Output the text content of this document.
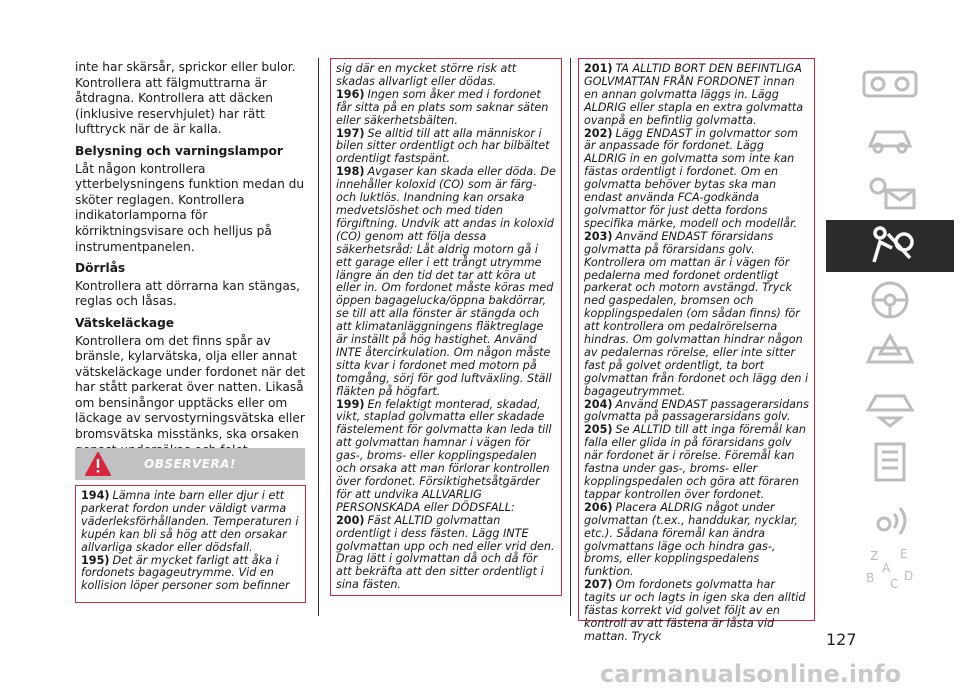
inte har skärsår, sprickor eller bulor. Kontrollera att fälgmuttrarna är åtdragna. Kontrollera att däcken (inklusive reservhjulet) har rätt lufttryck när de är kalla.

Belysning och varningslampor

Låt någon kontrollera ytterbelysningens funktion medan du sköter reglagen. Kontrollera indikatorlamporna för körriktningsvisare och helljus på instrumentpanelen.

Dörrlås

Kontrollera att dörrarna kan stängas, reglas och låsas.

Vätskeläckage

Kontrollera om det finns spår av bränsle, kylarvätska, olja eller annat vätskeläckage under fordonet när det har stått parkerat över natten. Likaså om bensinångor upptäcks eller om läckage av servostyrningsvätska eller bromsvätska misstänks, ska orsaken

OBSERVERA!

194) Lämna inte barn eller djur i ett parkerat fordon under väldigt varma väderleksförhållanden. Temperaturen i kupén kan bli så hög att den orsakar allvarliga skador eller dödsfall.

195) Det är mycket farligt att åka i fordonets bagageutrymme. Vid en kollision löper personer som befinner

sig där en mycket större risk att skadas allvarligt eller dödas.

196) Ingen som åker med i fordonet får sitta på en plats som saknar säten eller säkerhetsbälten.

197) Se alltid till att alla människor i bilen sitter ordentligt och har bilbältet ordentligt fastspänt.

198) Avgaser kan skada eller döda. De innehåller koloxid (CO) som är färg- och luktlös. Inandning kan orsaka medvetslöshet och med tiden förgiftning. Undvik att andas in koloxid (CO) genom att följa dessa säkerhetsråd: Låt aldrig motorn gå i ett garage eller i ett trångt utrymme längre än den tid det tar att köra ut eller in. Om fordonet måste köras med öppen bagagelucka/öppna bakdörrar, se till att alla fönster är stängda och att klimatanläggningens fläktreglage är inställt på hög hastighet. Använd INTE återcirkulation. Om någon måste sitta kvar i fordonet med motorn på tomgång, sörj för god luftväxling. Ställ fläkten på högfart.

199) En felaktigt monterad, skadad, vikt, staplad golvmatta eller skadade fästelement för golvmatta kan leda till att golvmattan hamnar i vägen för gas-, broms- eller kopplingspedalen och orsaka att man förlorar kontrollen över fordonet. Försiktighetsåtgärder för att undvika ALLVARLIG PERSONSKADA eller DÖDSFALL:

200) Fäst ALLTID golvmattan ordentligt i dess fästen. Lägg INTE golvmattan upp och ned eller vrid den. Drag lätt i golvmattan då och då för att bekräfta att den sitter ordentligt i sina fästen.

201) TA ALLTID BORT DEN BEFINTLIGA GOLVMATTAN FRÅN FORDONET innan en annan golvmatta läggs in. Lägg ALDRIG eller stapla en extra golvmatta ovanpå en befintlig golvmatta.

202) Lägg ENDAST in golvmattor som är anpassade för fordonet. Lägg ALDRIG in en golvmatta som inte kan fästas ordentligt i fordonet. Om en golvmatta behöver bytas ska man endast använda FCA-godkända golvmattor för just detta fordons specifika märke, modell och modellår.

203) Använd ENDAST förarsidans golvmatta på förarsidans golv. Kontrollera om mattan är i vägen för pedalerna med fordonet ordentligt parkerat och motorn avstängd. Tryck ned gaspedalen, bromsen och kopplingspedalen (om sådan finns) för att kontrollera om pedalrörelserna hindras. Om golvmattan hindrar någon av pedalernas rörelse, eller inte sitter fast på golvet ordentligt, ta bort golvmattan från fordonet och lägg den i bagageutrymmet.

204) Använd ENDAST passagerarsidans golvmatta på passagerarsidans golv.

205) Se ALLTID till att inga föremål kan falla eller glida in på förarsidans golv när fordonet är i rörelse. Föremål kan fastna under gas-, broms- eller kopplingspedalen och göra att föraren tappar kontrollen över fordonet.

206) Placera ALDRIG något under golvmattan (t.ex., handdukar, nycklar, etc.). Sådana föremål kan ändra golvmattans läge och hindra gas-, broms, eller kopplingspedalens funktion.

207) Om fordonets golvmatta har tagits ur och lagts in igen ska den alltid fästas korrekt vid golvet följt av en kontroll av att fästena är låsta vid mattan. Tryck

Z E
A
B C
D
127
carmanualsonline.info
